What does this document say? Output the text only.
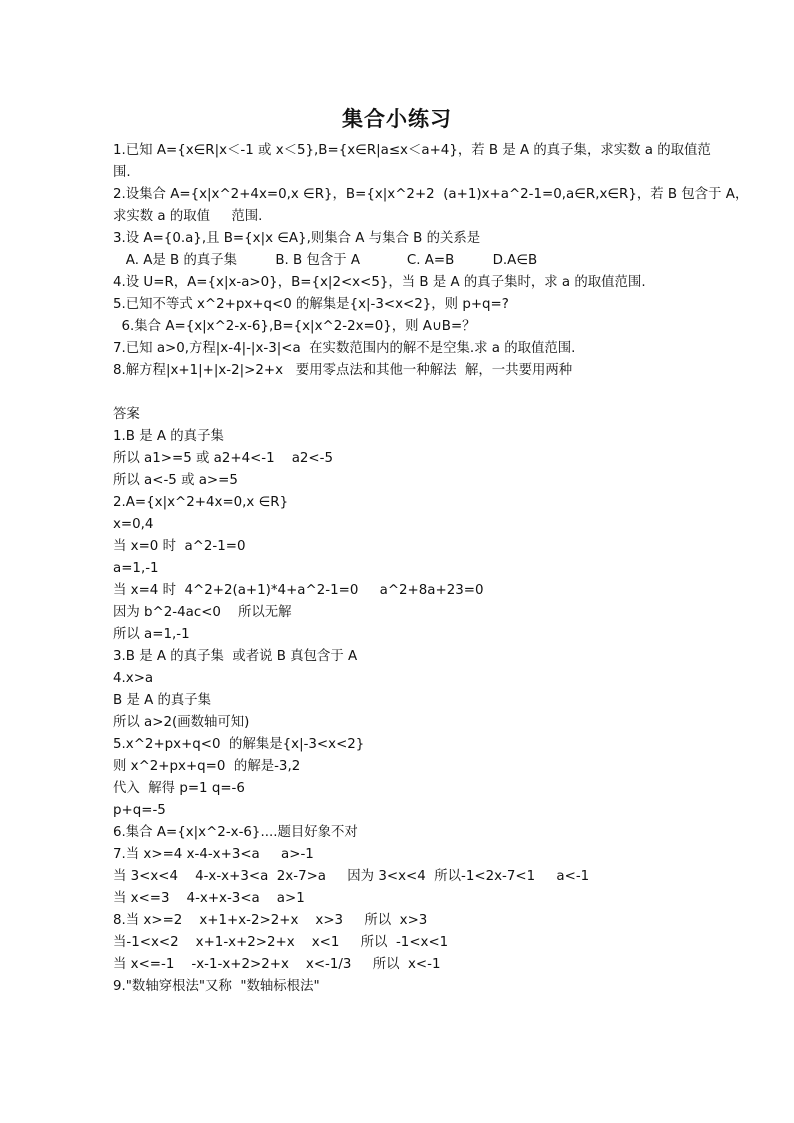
集合小练习
1.已知 A={x∈R|x＜-1 或 x＜5},B={x∈R|a≤x＜a+4}，若 B 是 A 的真子集，求实数 a 的取值范
围.
2.设集合 A={x|x^2+4x=0,x ∈R}，B={x|x^2+2  (a+1)x+a^2-1=0,a∈R,x∈R}，若 B 包含于 A，
求实数 a 的取值     范围.
3.设 A={0.a},且 B={x|x ∈A},则集合 A 与集合 B 的关系是
A. A是 B 的真子集         B. B 包含于 A           C. A=B         D.A∈B
4.设 U=R，A={x|x-a>0}，B={x|2<x<5}，当 B 是 A 的真子集时，求 a 的取值范围.
5.已知不等式 x^2+px+q<0 的解集是{x|-3<x<2}，则 p+q=?
6.集合 A={x|x^2-x-6},B={x|x^2-2x=0}，则 A∪B=？
7.已知 a>0,方程|x-4|-|x-3|<a  在实数范围内的解不是空集.求 a 的取值范围.
8.解方程|x+1|+|x-2|>2+x   要用零点法和其他一种解法  解，一共要用两种
答案
1.B 是 A 的真子集
所以 a1>=5 或 a2+4<-1    a2<-5
所以 a<-5 或 a>=5
2.A={x|x^2+4x=0,x ∈R}
x=0,4
当 x=0 时  a^2-1=0
a=1,-1
当 x=4 时  4^2+2(a+1)*4+a^2-1=0     a^2+8a+23=0
因为 b^2-4ac<0    所以无解
所以 a=1,-1
3.B 是 A 的真子集  或者说 B 真包含于 A
4.x>a
B 是 A 的真子集
所以 a>2(画数轴可知)
5.x^2+px+q<0  的解集是{x|-3<x<2}
则 x^2+px+q=0  的解是-3,2
代入  解得 p=1 q=-6
p+q=-5
6.集合 A={x|x^2-x-6}....题目好象不对
7.当 x>=4 x-4-x+3<a     a>-1
当 3<x<4    4-x-x+3<a  2x-7>a     因为 3<x<4  所以-1<2x-7<1     a<-1
当 x<=3    4-x+x-3<a    a>1
8.当 x>=2    x+1+x-2>2+x    x>3     所以  x>3
当-1<x<2    x+1-x+2>2+x    x<1     所以  -1<x<1
当 x<=-1    -x-1-x+2>2+x    x<-1/3     所以  x<-1
9."数轴穿根法"又称  "数轴标根法"
